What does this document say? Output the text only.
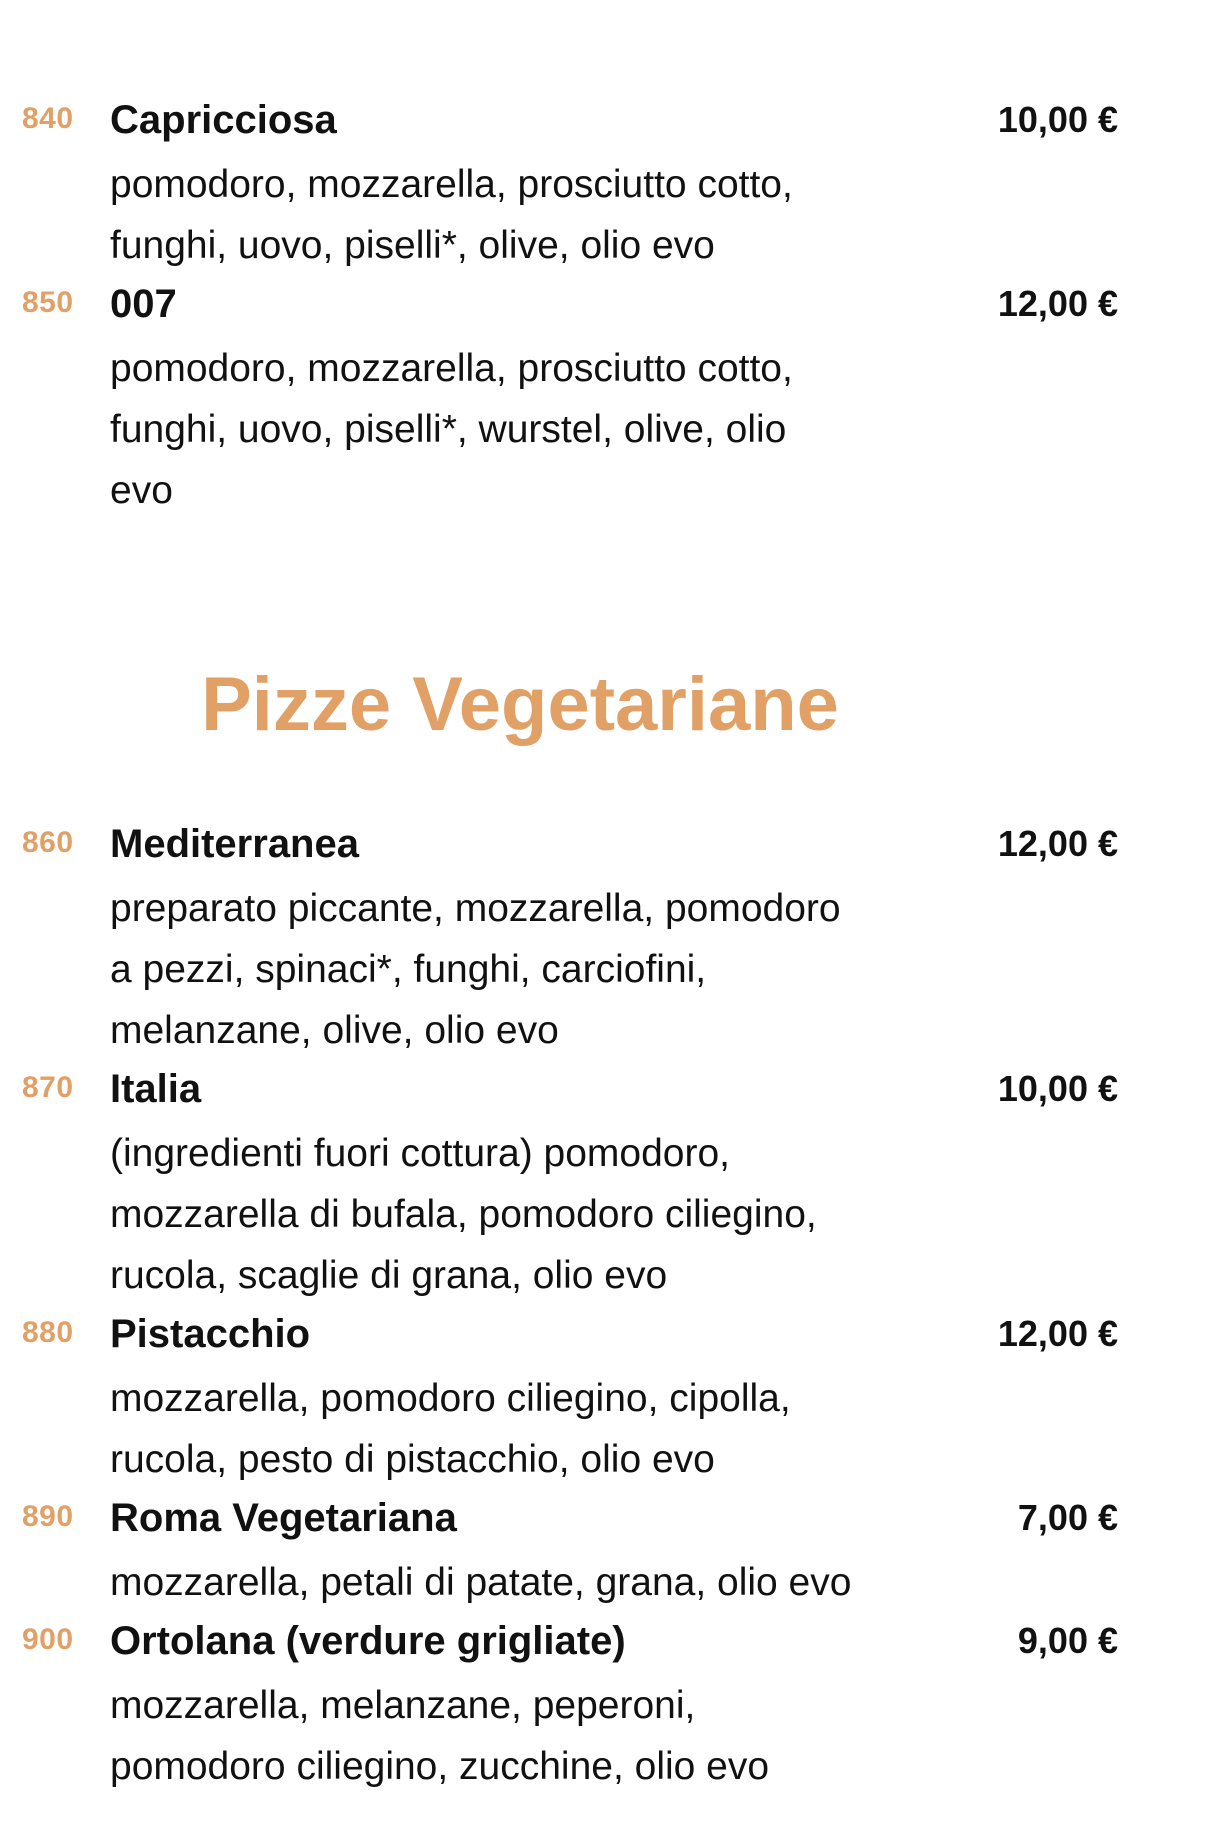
840 Capricciosa	10,00 €
pomodoro, mozzarella, prosciutto cotto,
funghi, uovo, piselli*, olive, olio evo
850 007	12,00 €
pomodoro, mozzarella, prosciutto cotto,
funghi, uovo, piselli*, wurstel, olive, olio
evo
Pizze Vegetariane
860 Mediterranea	12,00 €
preparato piccante, mozzarella, pomodoro
a pezzi, spinaci*, funghi, carciofini,
melanzane, olive, olio evo
870 Italia	10,00 €
(ingredienti fuori cottura) pomodoro,
mozzarella di bufala, pomodoro ciliegino,
rucola, scaglie di grana, olio evo
880 Pistacchio	12,00 €
mozzarella, pomodoro ciliegino, cipolla,
rucola, pesto di pistacchio, olio evo
890 Roma Vegetariana	7,00 €
mozzarella, petali di patate, grana, olio evo
900 Ortolana (verdure grigliate)	9,00 €
mozzarella, melanzane, peperoni,
pomodoro ciliegino, zucchine, olio evo
